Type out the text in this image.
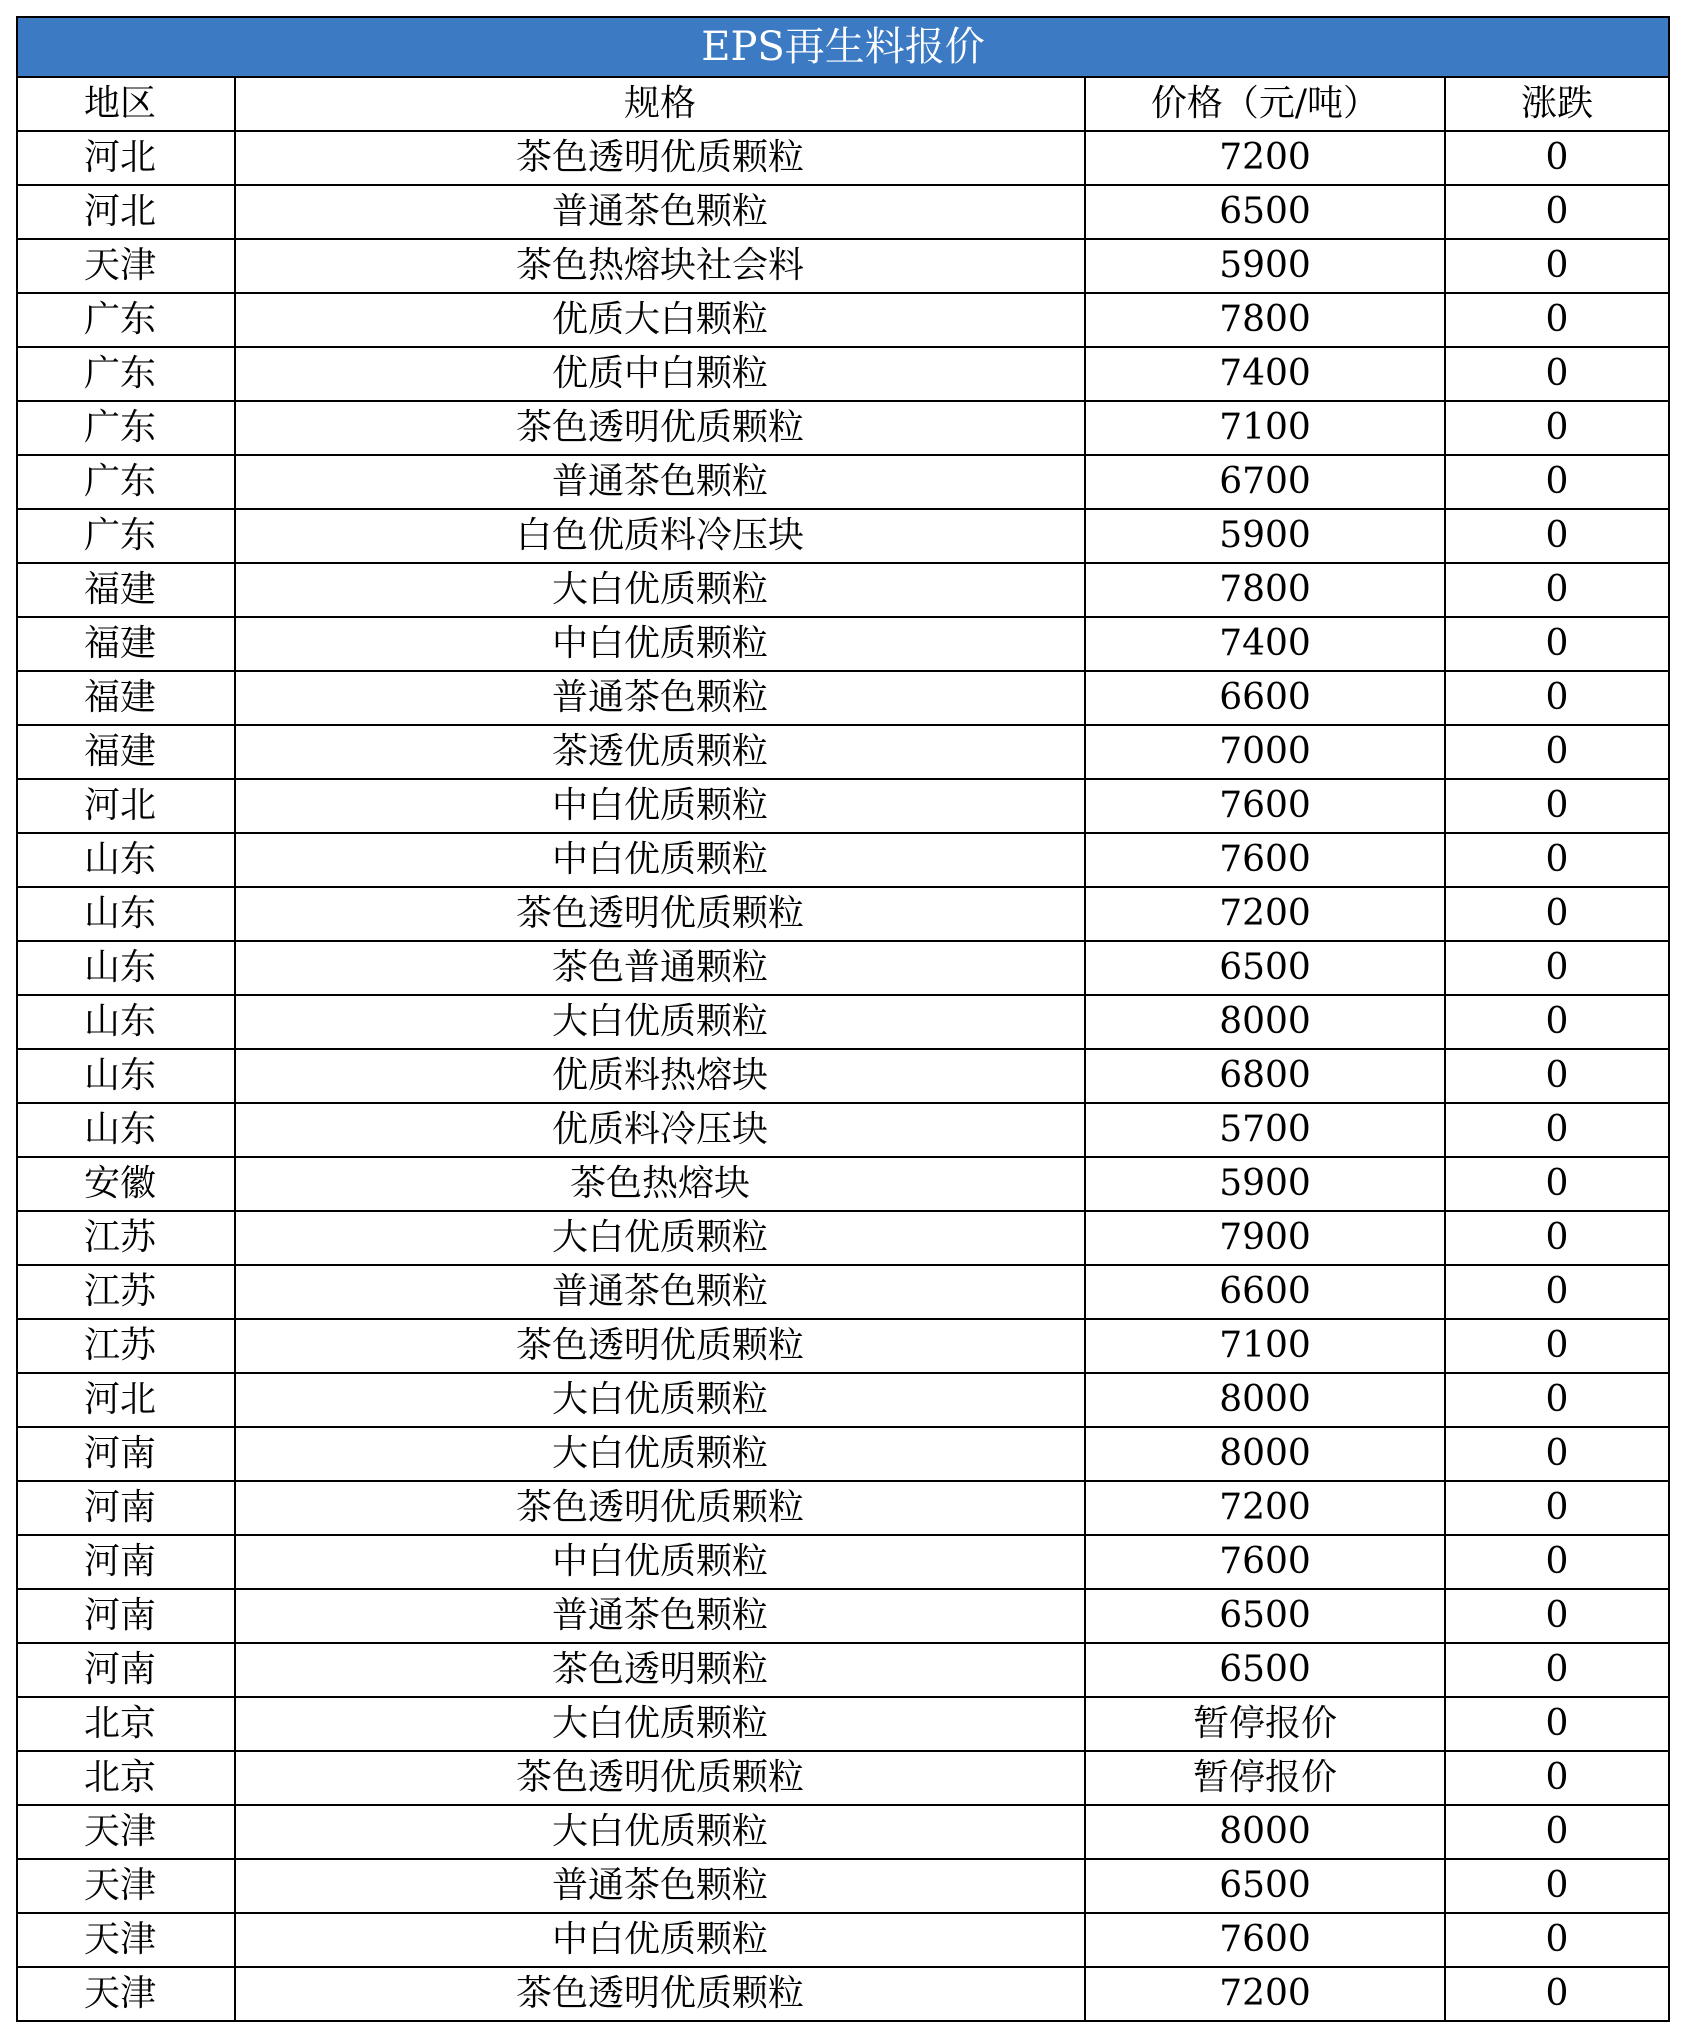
EPS再生料报价			
地区	规格	价格（元/吨）	涨跌
河北	茶色透明优质颗粒	7200	0
河北	普通茶色颗粒	6500	0
天津	茶色热熔块社会料	5900	0
广东	优质大白颗粒	7800	0
广东	优质中白颗粒	7400	0
广东	茶色透明优质颗粒	7100	0
广东	普通茶色颗粒	6700	0
广东	白色优质料冷压块	5900	0
福建	大白优质颗粒	7800	0
福建	中白优质颗粒	7400	0
福建	普通茶色颗粒	6600	0
福建	茶透优质颗粒	7000	0
河北	中白优质颗粒	7600	0
山东	中白优质颗粒	7600	0
山东	茶色透明优质颗粒	7200	0
山东	茶色普通颗粒	6500	0
山东	大白优质颗粒	8000	0
山东	优质料热熔块	6800	0
山东	优质料冷压块	5700	0
安徽	茶色热熔块	5900	0
江苏	大白优质颗粒	7900	0
江苏	普通茶色颗粒	6600	0
江苏	茶色透明优质颗粒	7100	0
河北	大白优质颗粒	8000	0
河南	大白优质颗粒	8000	0
河南	茶色透明优质颗粒	7200	0
河南	中白优质颗粒	7600	0
河南	普通茶色颗粒	6500	0
河南	茶色透明颗粒	6500	0
北京	大白优质颗粒	暂停报价	0
北京	茶色透明优质颗粒	暂停报价	0
天津	大白优质颗粒	8000	0
天津	普通茶色颗粒	6500	0
天津	中白优质颗粒	7600	0
天津	茶色透明优质颗粒	7200	0
